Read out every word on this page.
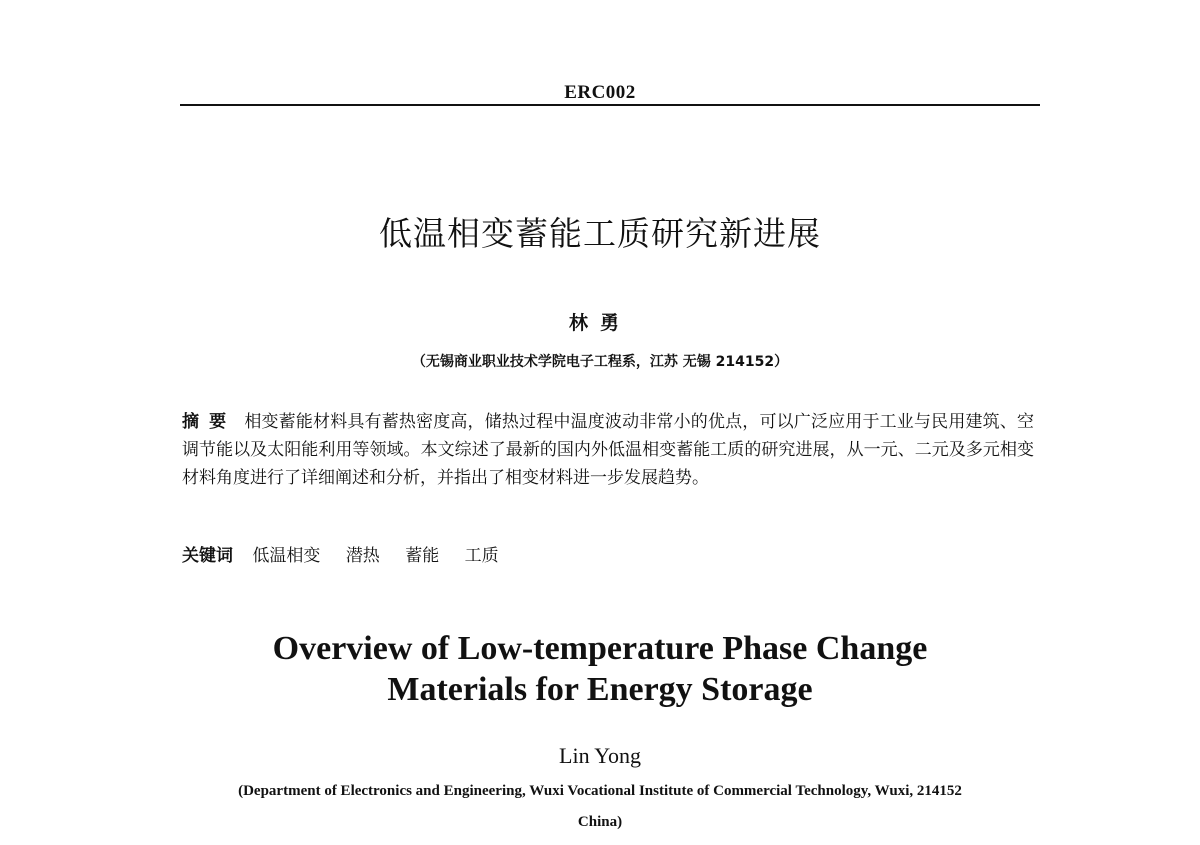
ERC002
低温相变蓄能工质研究新进展
林勇
（无锡商业职业技术学院电子工程系，江苏 无锡 214152）
摘要 相变蓄能材料具有蓄热密度高，储热过程中温度波动非常小的优点，可以广泛应用于工业与民用建筑、空调节能以及太阳能利用等领域。本文综述了最新的国内外低温相变蓄能工质的研究进展，从一元、二元及多元相变材料角度进行了详细阐述和分析，并指出了相变材料进一步发展趋势。
关键词 低温相变 潜热 蓄能 工质
Overview of Low-temperature Phase Change
Materials for Energy Storage
Lin Yong
(Department of Electronics and Engineering, Wuxi Vocational Institute of Commercial Technology, Wuxi, 214152
China)
